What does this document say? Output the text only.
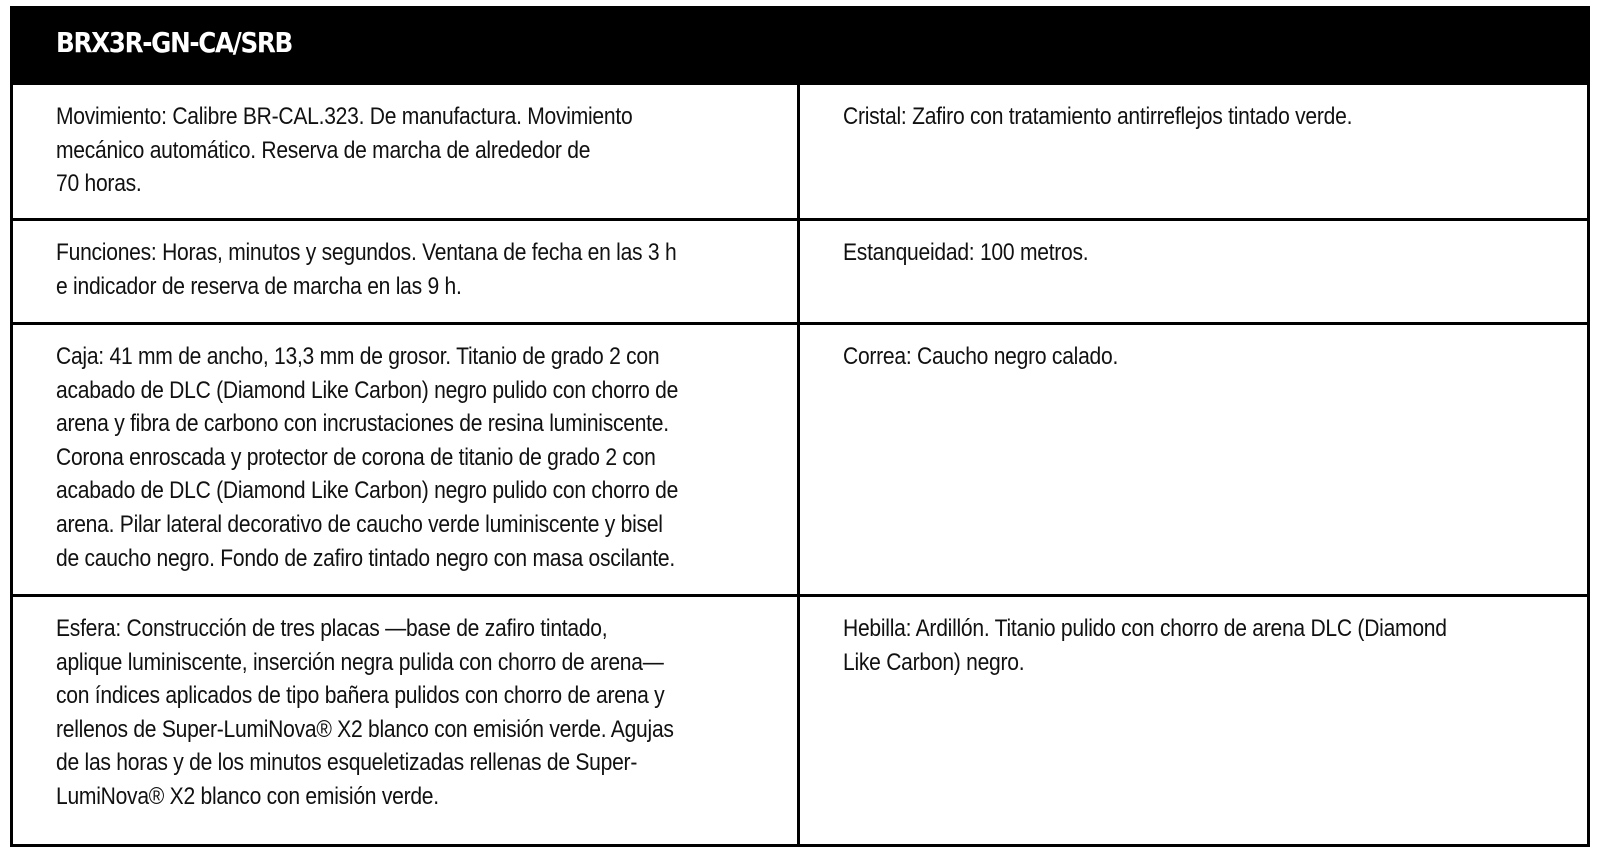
BRX3R-GN-CA/SRB
Movimiento: Calibre BR-CAL.323. De manufactura. Movimiento
mecánico automático. Reserva de marcha de alrededor de
70 horas.
Cristal: Zafiro con tratamiento antirreflejos tintado verde.
Funciones: Horas, minutos y segundos. Ventana de fecha en las 3 h
e indicador de reserva de marcha en las 9 h.
Estanqueidad: 100 metros.
Caja: 41 mm de ancho, 13,3 mm de grosor. Titanio de grado 2 con
acabado de DLC (Diamond Like Carbon) negro pulido con chorro de
arena y fibra de carbono con incrustaciones de resina luminiscente.
Corona enroscada y protector de corona de titanio de grado 2 con
acabado de DLC (Diamond Like Carbon) negro pulido con chorro de
arena. Pilar lateral decorativo de caucho verde luminiscente y bisel
de caucho negro. Fondo de zafiro tintado negro con masa oscilante.
Correa: Caucho negro calado.
Esfera: Construcción de tres placas —base de zafiro tintado,
aplique luminiscente, inserción negra pulida con chorro de arena—
con índices aplicados de tipo bañera pulidos con chorro de arena y
rellenos de Super-LumiNova® X2 blanco con emisión verde. Agujas
de las horas y de los minutos esqueletizadas rellenas de Super-
LumiNova® X2 blanco con emisión verde.
Hebilla: Ardillón. Titanio pulido con chorro de arena DLC (Diamond
Like Carbon) negro.
